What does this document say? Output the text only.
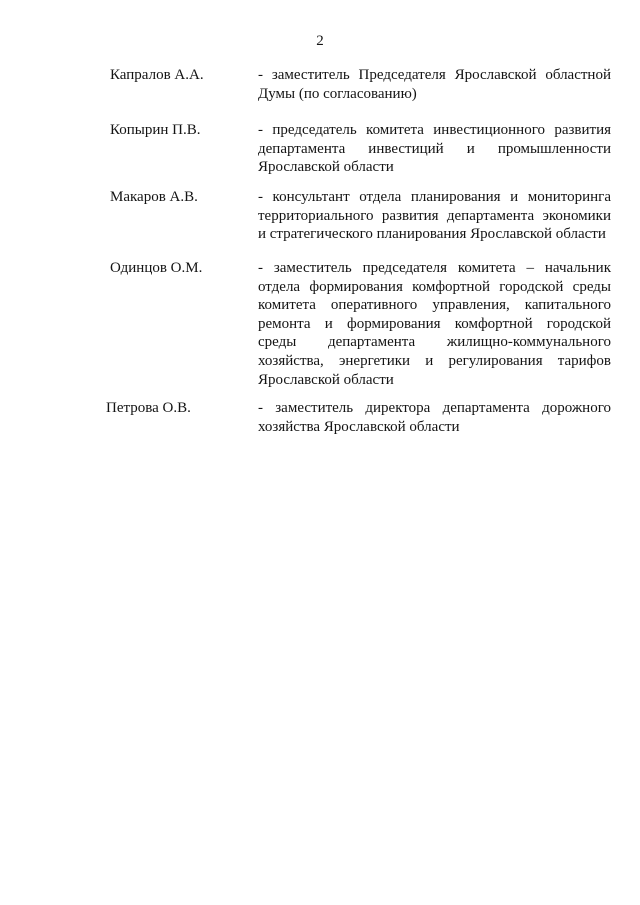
2
Капралов А.А.	- заместитель Председателя Ярославской областной
Думы (по согласованию)
Копырин П.В.	- председатель комитета инвестиционного развития
департамента инвестиций и промышленности
Ярославской области
Макаров А.В.	- консультант отдела планирования и мониторинга
территориального развития департамента экономики
и стратегического планирования Ярославской области
Одинцов О.М.	- заместитель председателя комитета – начальник
отдела формирования комфортной городской среды
комитета оперативного управления, капитального
ремонта и формирования комфортной городской
среды департамента жилищно-коммунального
хозяйства, энергетики и регулирования тарифов
Ярославской области
Петрова О.В.	- заместитель директора департамента дорожного
хозяйства Ярославской области
